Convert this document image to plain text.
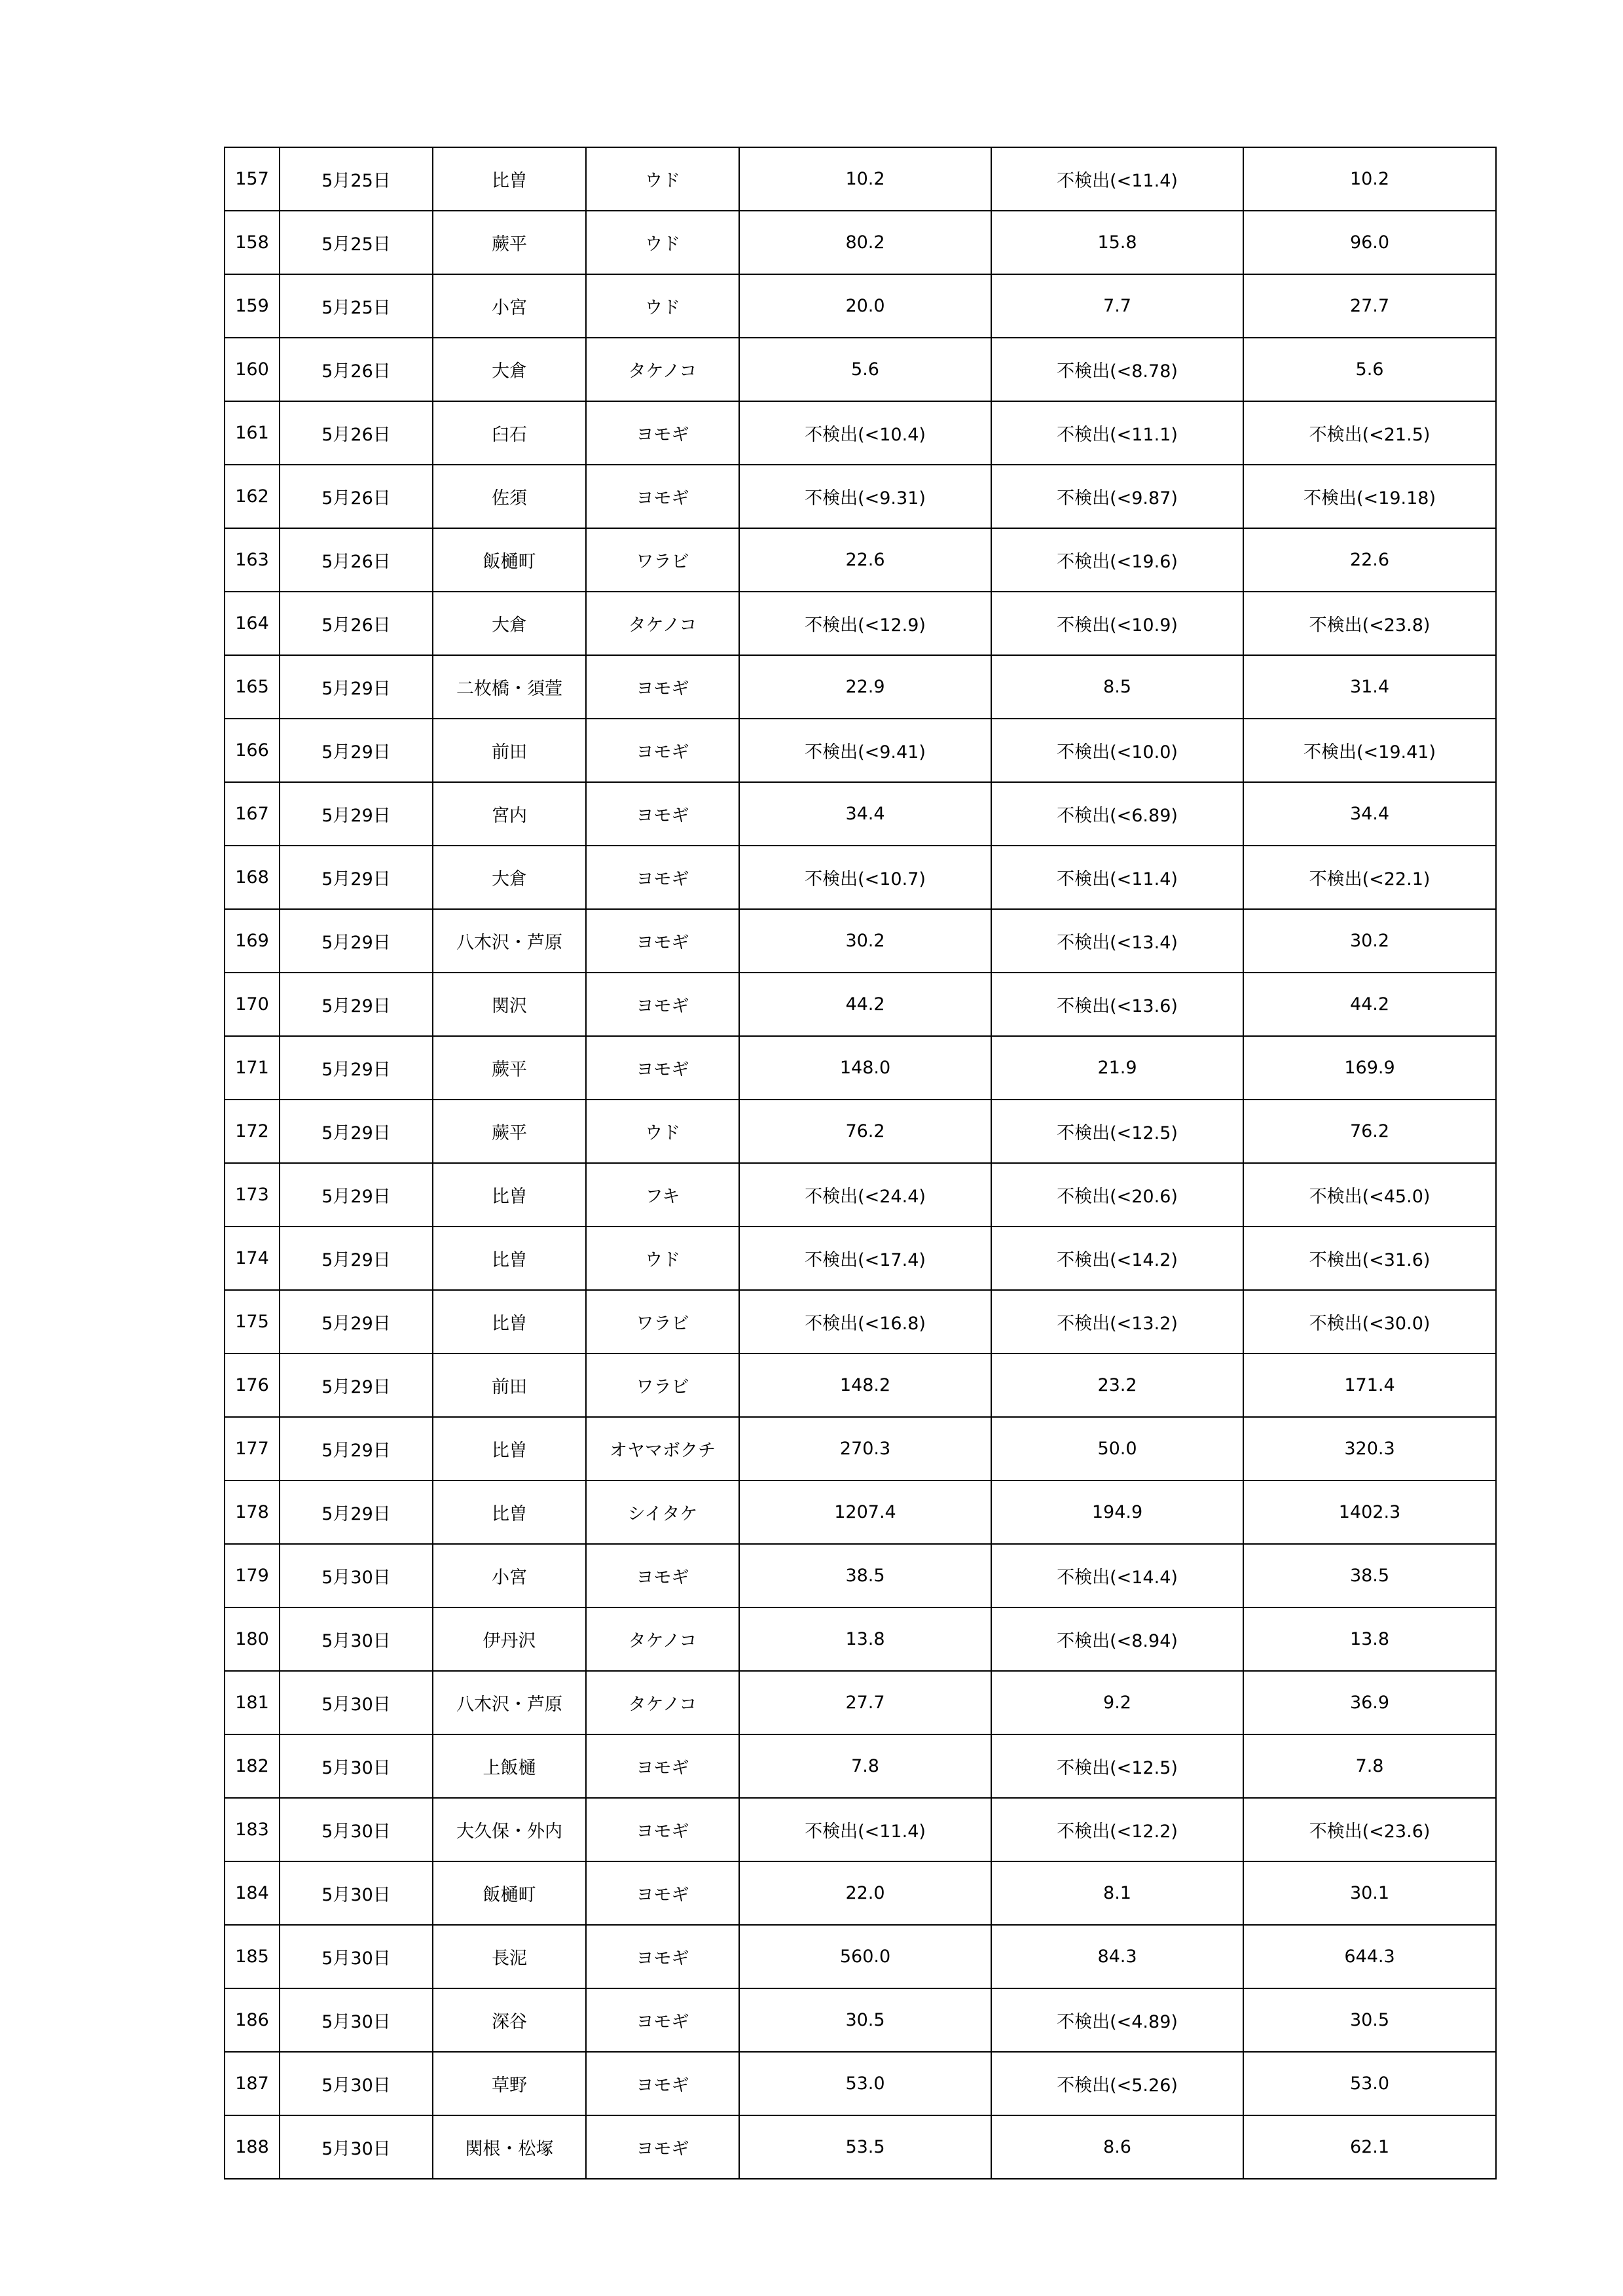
157	5月25日	比曽	ウド	10.2	不検出(<11.4)	10.2
158	5月25日	蕨平	ウド	80.2	15.8	96.0
159	5月25日	小宮	ウド	20.0	7.7	27.7
160	5月26日	大倉	タケノコ	5.6	不検出(<8.78)	5.6
161	5月26日	臼石	ヨモギ	不検出(<10.4)	不検出(<11.1)	不検出(<21.5)
162	5月26日	佐須	ヨモギ	不検出(<9.31)	不検出(<9.87)	不検出(<19.18)
163	5月26日	飯樋町	ワラビ	22.6	不検出(<19.6)	22.6
164	5月26日	大倉	タケノコ	不検出(<12.9)	不検出(<10.9)	不検出(<23.8)
165	5月29日	二枚橋・須萱	ヨモギ	22.9	8.5	31.4
166	5月29日	前田	ヨモギ	不検出(<9.41)	不検出(<10.0)	不検出(<19.41)
167	5月29日	宮内	ヨモギ	34.4	不検出(<6.89)	34.4
168	5月29日	大倉	ヨモギ	不検出(<10.7)	不検出(<11.4)	不検出(<22.1)
169	5月29日	八木沢・芦原	ヨモギ	30.2	不検出(<13.4)	30.2
170	5月29日	関沢	ヨモギ	44.2	不検出(<13.6)	44.2
171	5月29日	蕨平	ヨモギ	148.0	21.9	169.9
172	5月29日	蕨平	ウド	76.2	不検出(<12.5)	76.2
173	5月29日	比曽	フキ	不検出(<24.4)	不検出(<20.6)	不検出(<45.0)
174	5月29日	比曽	ウド	不検出(<17.4)	不検出(<14.2)	不検出(<31.6)
175	5月29日	比曽	ワラビ	不検出(<16.8)	不検出(<13.2)	不検出(<30.0)
176	5月29日	前田	ワラビ	148.2	23.2	171.4
177	5月29日	比曽	オヤマボクチ	270.3	50.0	320.3
178	5月29日	比曽	シイタケ	1207.4	194.9	1402.3
179	5月30日	小宮	ヨモギ	38.5	不検出(<14.4)	38.5
180	5月30日	伊丹沢	タケノコ	13.8	不検出(<8.94)	13.8
181	5月30日	八木沢・芦原	タケノコ	27.7	9.2	36.9
182	5月30日	上飯樋	ヨモギ	7.8	不検出(<12.5)	7.8
183	5月30日	大久保・外内	ヨモギ	不検出(<11.4)	不検出(<12.2)	不検出(<23.6)
184	5月30日	飯樋町	ヨモギ	22.0	8.1	30.1
185	5月30日	長泥	ヨモギ	560.0	84.3	644.3
186	5月30日	深谷	ヨモギ	30.5	不検出(<4.89)	30.5
187	5月30日	草野	ヨモギ	53.0	不検出(<5.26)	53.0
188	5月30日	関根・松塚	ヨモギ	53.5	8.6	62.1
